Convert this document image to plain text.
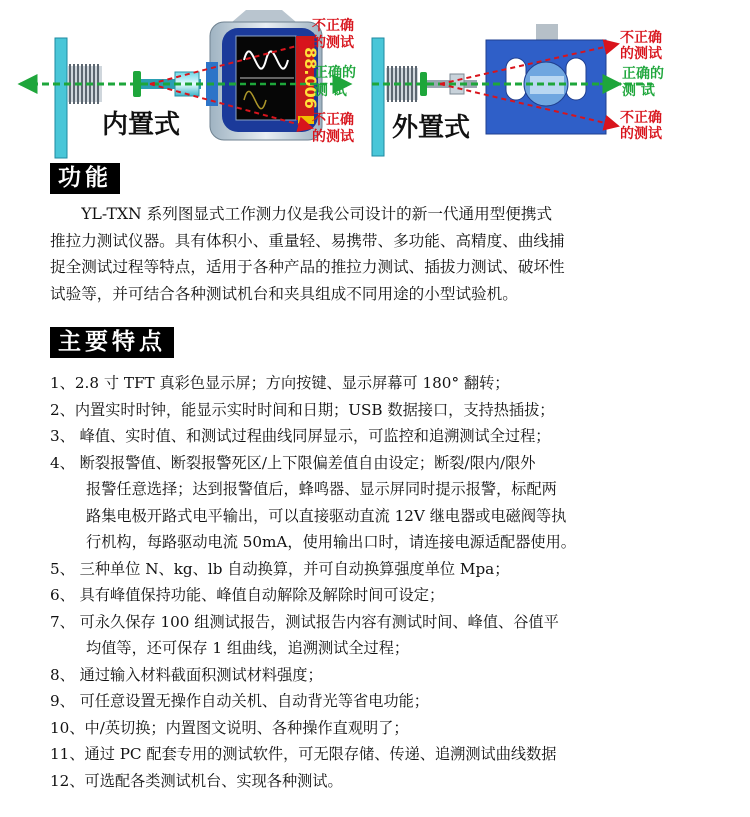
88.006
不正确 的测试
正确的 测 试
不正确 的测试
内置式
不正确 的测试
正确的 测 试
不正确 的测试
外置式
功能

YL-TXN 系列图显式工作测力仪是我公司设计的新一代通用型便携式

推拉力测试仪器。具有体积小、重量轻、易携带、多功能、高精度、曲线捕

捉全测试过程等特点，适用于各种产品的推拉力测试、插拔力测试、破坏性

试验等，并可结合各种测试机台和夹具组成不同用途的小型试验机。

主要特点

1、2.8 寸 TFT 真彩色显示屏；方向按键、显示屏幕可 180° 翻转；

2、内置实时时钟，能显示实时时间和日期；USB 数据接口，支持热插拔；

3、 峰值、实时值、和测试过程曲线同屏显示，可监控和追溯测试全过程；

4、 断裂报警值、断裂报警死区/上下限偏差值自由设定；断裂/限内/限外

报警任意选择；达到报警值后，蜂鸣器、显示屏同时提示报警，标配两

路集电极开路式电平输出，可以直接驱动直流 12V 继电器或电磁阀等执

行机构，每路驱动电流 50mA，使用输出口时，请连接电源适配器使用。

5、 三种单位 N、kg、lb 自动换算，并可自动换算强度单位 Mpa；

6、 具有峰值保持功能、峰值自动解除及解除时间可设定；

7、 可永久保存 100 组测试报告，测试报告内容有测试时间、峰值、谷值平

均值等，还可保存 1 组曲线，追溯测试全过程；

8、 通过输入材料截面积测试材料强度；

9、 可任意设置无操作自动关机、自动背光等省电功能；

10、中/英切换；内置图文说明、各种操作直观明了；

11、通过 PC 配套专用的测试软件，可无限存储、传递、追溯测试曲线数据

12、可选配各类测试机台、实现各种测试。
